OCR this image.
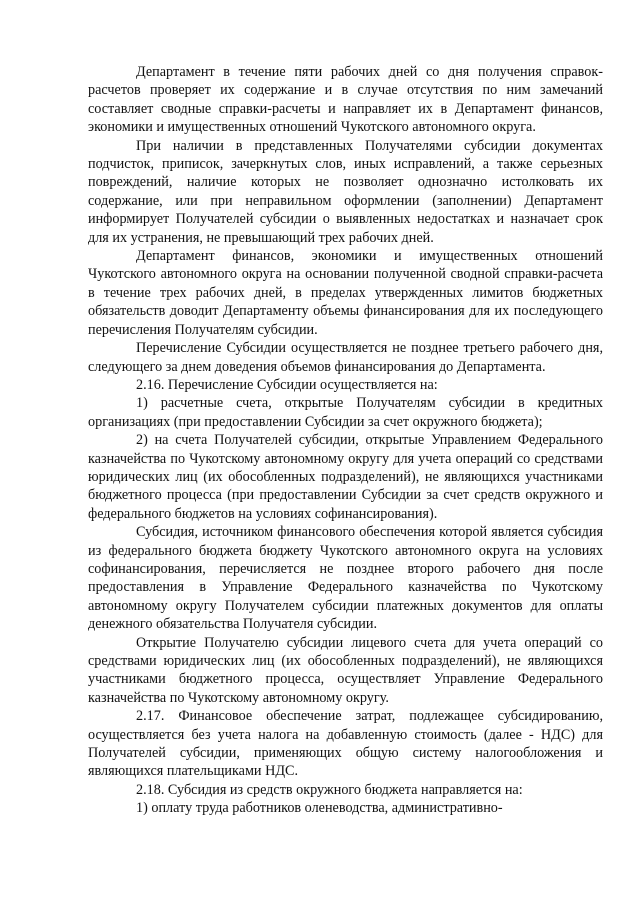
Департамент в течение пяти рабочих дней со дня получения справок-расчетов проверяет их содержание и в случае отсутствия по ним замечаний составляет сводные справки-расчеты и направляет их в Департамент финансов, экономики и имущественных отношений Чукотского автономного округа.

При наличии в представленных Получателями субсидии документах подчисток, приписок, зачеркнутых слов, иных исправлений, а также серьезных повреждений, наличие которых не позволяет однозначно истолковать их содержание, или при неправильном оформлении (заполнении) Департамент информирует Получателей субсидии о выявленных недостатках и назначает срок для их устранения, не превышающий трех рабочих дней.

Департамент финансов, экономики и имущественных отношений Чукотского автономного округа на основании полученной сводной справки-расчета в течение трех рабочих дней, в пределах утвержденных лимитов бюджетных обязательств доводит Департаменту объемы финансирования для их последующего перечисления Получателям субсидии.

Перечисление Субсидии осуществляется не позднее третьего рабочего дня, следующего за днем доведения объемов финансирования до Департамента.

2.16. Перечисление Субсидии осуществляется на:

1) расчетные счета, открытые Получателям субсидии в кредитных организациях (при предоставлении Субсидии за счет окружного бюджета);

2) на счета Получателей субсидии, открытые Управлением Федерального казначейства по Чукотскому автономному округу для учета операций со средствами юридических лиц (их обособленных подразделений), не являющихся участниками бюджетного процесса (при предоставлении Субсидии за счет средств окружного и федерального бюджетов на условиях софинансирования).

Субсидия, источником финансового обеспечения которой является субсидия из федерального бюджета бюджету Чукотского автономного округа на условиях софинансирования, перечисляется не позднее второго рабочего дня после предоставления в Управление Федерального казначейства по Чукотскому автономному округу Получателем субсидии платежных документов для оплаты денежного обязательства Получателя субсидии.

Открытие Получателю субсидии лицевого счета для учета операций со средствами юридических лиц (их обособленных подразделений), не являющихся участниками бюджетного процесса, осуществляет Управление Федерального казначейства по Чукотскому автономному округу.

2.17. Финансовое обеспечение затрат, подлежащее субсидированию, осуществляется без учета налога на добавленную стоимость (далее - НДС) для Получателей субсидии, применяющих общую систему налогообложения и являющихся плательщиками НДС.

2.18. Субсидия из средств окружного бюджета направляется на:

1) оплату труда работников оленеводства, административно-
